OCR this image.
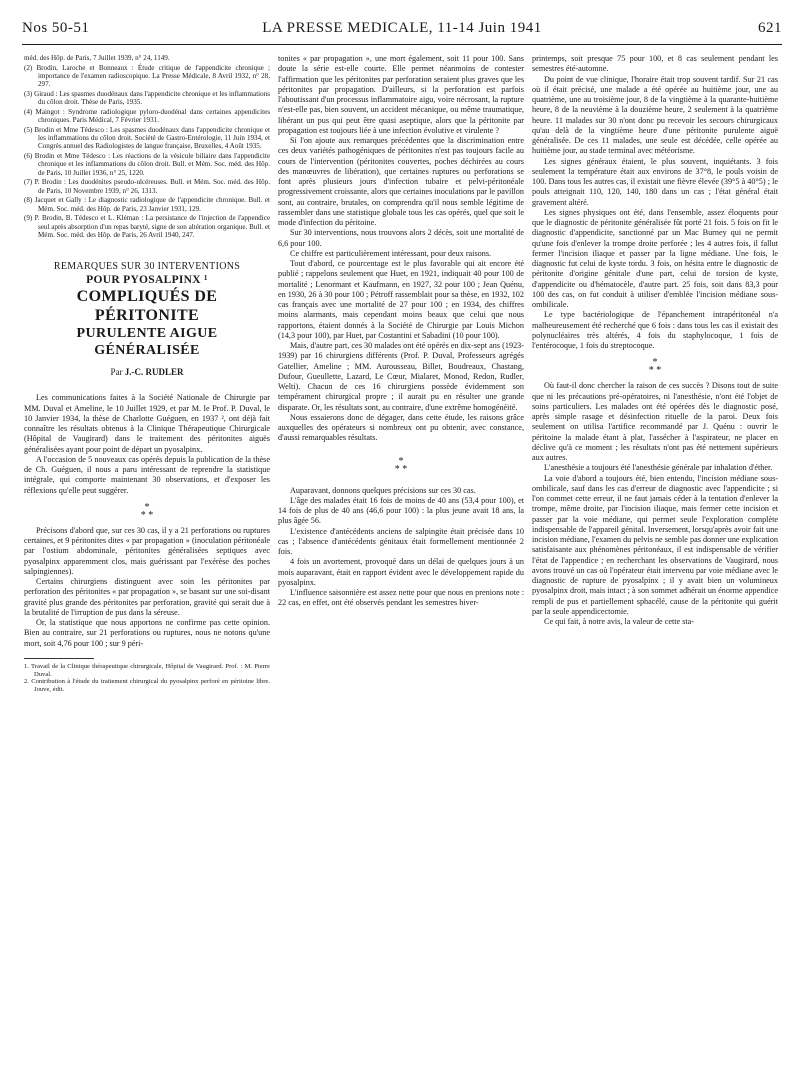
Nos 50-51	LA PRESSE MEDICALE, 11-14 Juin 1941	621

méd. des Hôp. de Paris, 7 Juillet 1939, n° 24, 1149.

(2) Brodin, Laroche et Bonneaux : Étude critique de l'appendicite chronique ; importance de l'examen radioscopique. La Presse Médicale, 8 Avril 1932, n° 28, 297.

(3) Giraud : Les spasmes duodénaux dans l'appendicite chronique et les inflammations du côlon droit. Thèse de Paris, 1935.

(4) Maingot : Syndrome radiologique pyloro-duodénal dans certaines appendicites chroniques. Paris Médical, 7 Février 1931.

(5) Brodin et Mme Tédesco : Les spasmes duodénaux dans l'appendicite chronique et les inflammations du côlon droit. Société de Gastro-Entérologie, 11 Juin 1934, et Congrès annuel des Radiologistes de langue française, Bruxelles, 4 Août 1935.

(6) Brodin et Mme Tédesco : Les réactions de la vésicule biliaire dans l'appendicite chronique et les inflammations du côlon droit. Bull. et Mém. Soc. méd. des Hôp. de Paris, 10 Juillet 1936, n° 25, 1220.

(7) P. Brodin : Les duodénites pseudo-ulcéreuses. Bull. et Mém. Soc. méd. des Hôp. de Paris, 10 Novembre 1939, n° 26, 1313.

(8) Jacquet et Gally : Le diagnostic radiologique de l'appendicite chronique. Bull. et Mém. Soc. méd. des Hôp. de Paris, 23 Janvier 1931, 129.

(9) P. Brodin, B. Tédesco et L. Kléman : La persistance de l'injection de l'appendice seul après absorption d'un repas baryté, signe de son altération organique. Bull. et Mém. Soc. méd. des Hôp. de Paris, 26 Avril 1940, 247.

REMARQUES SUR 30 INTERVENTIONS
POUR PYOSALPINX ¹
COMPLIQUÉS DE PÉRITONITE
PURULENTE AIGUE
GÉNÉRALISÉE
Par J.-C. RUDLER

Les communications faites à la Société Nationale de Chirurgie par MM. Duval et Ameline, le 10 Juillet 1929, et par M. le Prof. P. Duval, le 10 Janvier 1934, la thèse de Charlotte Guéguen, en 1937 ², ont déjà fait connaître les résultats obtenus à la Clinique Thérapeutique Chirurgicale (Hôpital de Vaugirard) dans le traitement des péritonites aiguës généralisées ayant pour point de départ un pyosalpinx.

A l'occasion de 5 nouveaux cas opérés depuis la publication de la thèse de Ch. Guéguen, il nous a paru intéressant de reprendre la statistique intégrale, qui comporte maintenant 30 observations, et d'exposer les réflexions qu'elle peut suggérer.

*
* *

Précisons d'abord que, sur ces 30 cas, il y a 21 perforations ou ruptures certaines, et 9 péritonites dites « par propagation » (inoculation péritonéale par l'ostium abdominale, péritonites généralisées septiques avec pyosalpinx apparemment clos, mais guérissant par l'exérèse des poches salpingiennes).

Certains chirurgiens distinguent avec soin les péritonites par perforation des péritonites « par propagation », se basant sur une soi-disant gravité plus grande des péritonites par perforation, gravité qui serait due à la brutalité de l'irruption de pus dans la séreuse.

Or, la statistique que nous apportons ne confirme pas cette opinion. Bien au contraire, sur 21 perforations ou ruptures, nous ne notons qu'une mort, soit 4,76 pour 100 ; sur 9 péri-

1. Travail de la Clinique thérapeutique chirurgicale, Hôpital de Vaugirard. Prof. : M. Pierre Duval.

2. Contribution à l'étude du traitement chirurgical du pyosalpinx perforé en péritoine libre. Jouve, édit.

tonites « par propagation », une mort également, soit 11 pour 100. Sans doute la série est-elle courte. Elle permet néanmoins de contester l'affirmation que les péritonites par perforation seraient plus graves que les péritonites par propagation. D'ailleurs, si la perforation est parfois l'aboutissant d'un processus inflammatoire aigu, voire nécrosant, la rupture n'est-elle pas, bien souvent, un accident mécanique, ou même traumatique, libérant un pus qui peut être quasi aseptique, alors que la péritonite par propagation est toujours liée à une infection évolutive et virulente ?

Si l'on ajoute aux remarques précédentes que la discrimination entre ces deux variétés pathogéniques de péritonites n'est pas toujours facile au cours de l'intervention (péritonites couvertes, poches déchirées au cours des manœuvres de libération), que certaines ruptures ou perforations se font après plusieurs jours d'infection tubaire et pelvi-péritonéale progressivement croissante, alors que certaines inoculations par le pavillon sont, au contraire, brutales, on comprendra qu'il nous semble légitime de rassembler dans une statistique globale tous les cas opérés, quel que soit le mode d'infection du péritoine.

Sur 30 interventions, nous trouvons alors 2 décès, soit une mortalité de 6,6 pour 100.

Ce chiffre est particulièrement intéressant, pour deux raisons.

Tout d'abord, ce pourcentage est le plus favorable qui ait encore été publié ; rappelons seulement que Huet, en 1921, indiquait 40 pour 100 de mortalité ; Lenormant et Kaufmann, en 1927, 32 pour 100 ; Jean Quénu, en 1930, 26 à 30 pour 100 ; Pétroff rassemblait pour sa thèse, en 1932, 102 cas français avec une mortalité de 27 pour 100 ; en 1934, des chiffres moins alarmants, mais cependant moins beaux que celui que nous rapportons, étaient donnés à la Société de Chirurgie par Louis Michon (14,3 pour 100), par Huet, par Costantini et Sabadini (10 pour 100).

Mais, d'autre part, ces 30 malades ont été opérés en dix-sept ans (1923-1939) par 16 chirurgiens différents (Prof. P. Duval, Professeurs agrégés Gatellier, Ameline ; MM. Aurousseau, Billet, Boudreaux, Chastang, Dufour, Gueullette, Lazard, Le Cœur, Mialaret, Monod, Redon, Rudler, Welti). Chacun de ces 16 chirurgiens possède évidemment son tempérament chirurgical propre ; il aurait pu en résulter une grande disparate. Or, les résultats sont, au contraire, d'une extrême homogénéité.

Nous essaierons donc de dégager, dans cette étude, les raisons grâce auxquelles des opérateurs si nombreux ont pu obtenir, avec constance, d'aussi remarquables résultats.

*
* *

Auparavant, donnons quelques précisions sur ces 30 cas.

L'âge des malades était 16 fois de moins de 40 ans (53,4 pour 100), et 14 fois de plus de 40 ans (46,6 pour 100) : la plus jeune avait 18 ans, la plus âgée 56.

L'existence d'antécédents anciens de salpingite était précisée dans 10 cas ; l'absence d'antécédents génitaux était formellement mentionnée 2 fois.

4 fois un avortement, provoqué dans un délai de quelques jours à un mois auparavant, était en rapport évident avec le développement rapide du pyosalpinx.

L'influence saisonnière est assez nette pour que nous en prenions note : 22 cas, en effet, ont été observés pendant les semestres hiver-

printemps, soit presque 75 pour 100, et 8 cas seulement pendant les semestres été-automne.

Du point de vue clinique, l'horaire était trop souvent tardif. Sur 21 cas où il était précisé, une malade a été opérée au huitième jour, une au quatrième, une au troisième jour, 8 de la vingtième à la quarante-huitième heure, 8 de la neuvième à la douzième heure, 2 seulement à la quatrième heure. 11 malades sur 30 n'ont donc pu recevoir les secours chirurgicaux qu'au delà de la vingtième heure d'une péritonite purulente aiguë généralisée. De ces 11 malades, une seule est décédée, celle opérée au huitième jour, au stade terminal avec météorisme.

Les signes généraux étaient, le plus souvent, inquiétants. 3 fois seulement la température était aux environs de 37°8, le pouls voisin de 100. Dans tous les autres cas, il existait une fièvre élevée (39°5 à 40°5) ; le pouls atteignait 110, 120, 140, 180 dans un cas ; l'état général était gravement altéré.

Les signes physiques ont été, dans l'ensemble, assez éloquents pour que le diagnostic de péritonite généralisée fût porté 21 fois. 5 fois on fit le diagnostic d'appendicite, sanctionné par un Mac Burney qui ne permit qu'une fois d'enlever la trompe droite perforée ; les 4 autres fois, il fallut fermer l'incision iliaque et passer par la ligne médiane. Une fois, le diagnostic fut celui de kyste tordu. 3 fois, on hésita entre le diagnostic de péritonite d'origine génitale d'une part, celui de torsion de kyste, d'appendicite ou d'hématocèle, d'autre part. 25 fois, soit dans 83,3 pour 100 des cas, on fut conduit à utiliser d'emblée l'incision médiane sous-ombilicale.

Le type bactériologique de l'épanchement intrapéritonéal n'a malheureusement été recherché que 6 fois : dans tous les cas il existait des polynucléaires très altérés, 4 fois du staphylocoque, 1 fois de l'entérocoque, 1 fois du streptocoque.

*
* *

Où faut-il donc chercher la raison de ces succès ? Disons tout de suite que ni les précautions pré-opératoires, ni l'anesthésie, n'ont été l'objet de soins particuliers. Les malades ont été opérées dès le diagnostic posé, après simple rasage et désinfection rituelle de la paroi. Deux fois seulement on utilisa l'artifice recommandé par J. Quénu : ouvrir le péritoine la malade étant à plat, l'assécher à l'aspirateur, ne placer en déclive qu'à ce moment ; les résultats n'ont pas été nettement supérieurs aux autres.

L'anesthésie a toujours été l'anesthésie générale par inhalation d'éther.

La voie d'abord a toujours été, bien entendu, l'incision médiane sous-ombilicale, sauf dans les cas d'erreur de diagnostic avec l'appendicite ; si l'on commet cette erreur, il ne faut jamais céder à la tentation d'enlever la trompe, même droite, par l'incision iliaque, mais fermer cette incision et passer par la voie médiane, qui permet seule l'exploration complète indispensable de l'appareil génital. Inversement, lorsqu'après avoir fait une incision médiane, l'examen du pelvis ne semble pas donner une explication satisfaisante aux phénomènes péritonéaux, il est indispensable de vérifier l'état de l'appendice ; en recherchant les observations de Vaugirard, nous avons trouvé un cas où l'opérateur était intervenu par voie médiane avec le diagnostic de rupture de pyosalpinx ; il y avait bien un volumineux pyosalpinx droit, mais intact ; à son sommet adhérait un énorme appendice rempli de pus et partiellement sphacélé, cause de la péritonite qui guérit par la seule appendicectomie.

Ce qui fait, à notre avis, la valeur de cette sta-
